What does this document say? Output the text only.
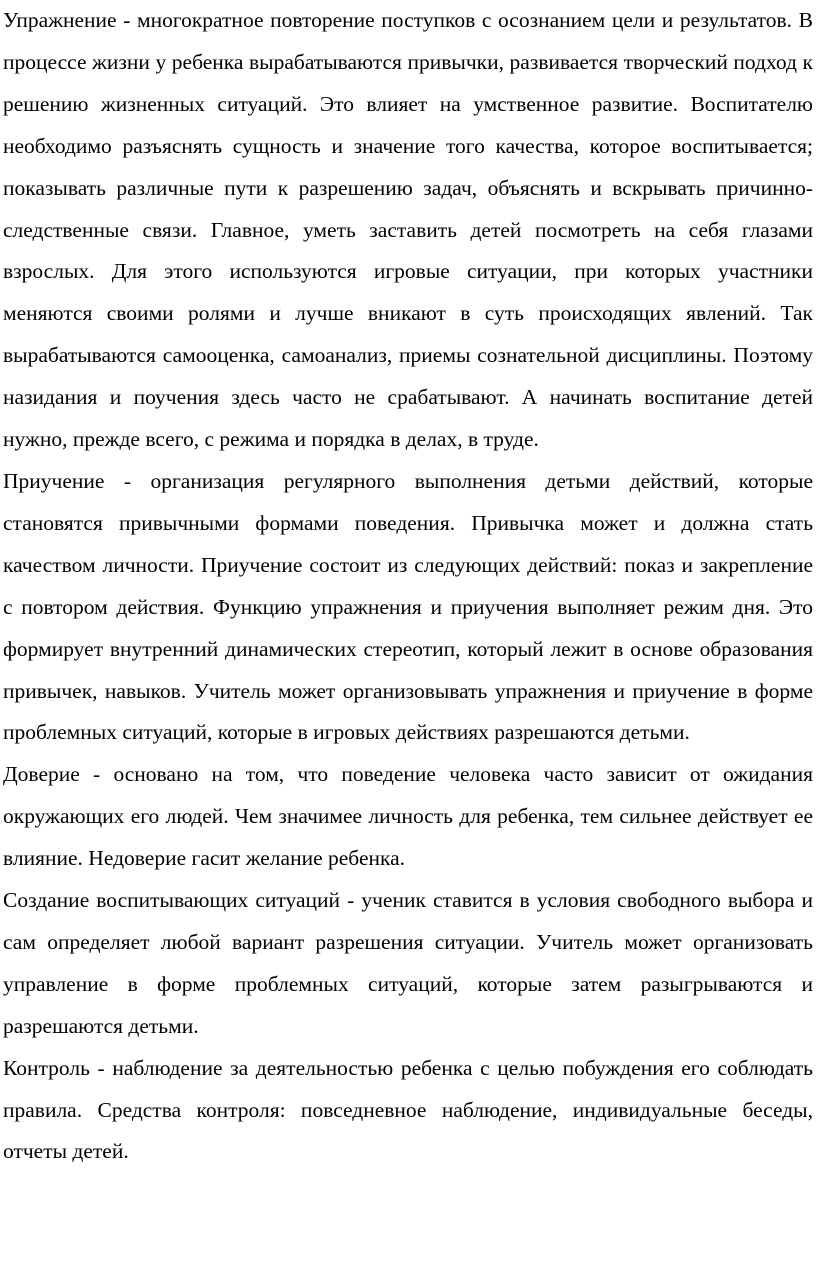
Упражнение - многократное повторение поступков с осознанием цели и результатов. В процессе жизни у ребенка вырабатываются привычки, развивается творческий подход к решению жизненных ситуаций. Это влияет на умственное развитие. Воспитателю необходимо разъяснять сущность и значение того качества, которое воспитывается; показывать различные пути к разрешению задач, объяснять и вскрывать причинно-следственные связи. Главное, уметь заставить детей посмотреть на себя глазами взрослых. Для этого используются игровые ситуации, при которых участники меняются своими ролями и лучше вникают в суть происходящих явлений. Так вырабатываются самооценка, самоанализ, приемы сознательной дисциплины. Поэтому назидания и поучения здесь часто не срабатывают. А начинать воспитание детей нужно, прежде всего, с режима и порядка в делах, в труде.

Приучение - организация регулярного выполнения детьми действий, которые становятся привычными формами поведения. Привычка может и должна стать качеством личности. Приучение состоит из следующих действий: показ и закрепление с повтором действия. Функцию упражнения и приучения выполняет режим дня. Это формирует внутренний динамических стереотип, который лежит в основе образования привычек, навыков. Учитель может организовывать упражнения и приучение в форме проблемных ситуаций, которые в игровых действиях разрешаются детьми.

Доверие - основано на том, что поведение человека часто зависит от ожидания окружающих его людей. Чем значимее личность для ребенка, тем сильнее действует ее влияние. Недоверие гасит желание ребенка.

Создание воспитывающих ситуаций - ученик ставится в условия свободного выбора и сам определяет любой вариант разрешения ситуации. Учитель может организовать управление в форме проблемных ситуаций, которые затем разыгрываются и разрешаются детьми.

Контроль - наблюдение за деятельностью ребенка с целью побуждения его соблюдать правила. Средства контроля: повседневное наблюдение, индивидуальные беседы, отчеты детей.
